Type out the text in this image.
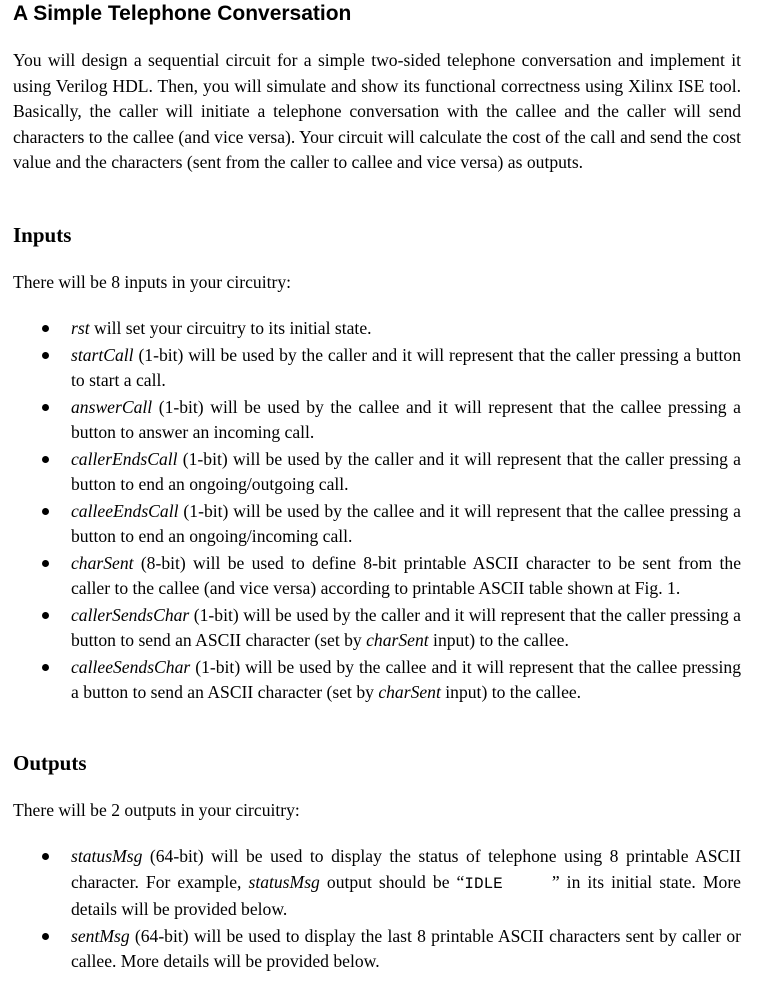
A Simple Telephone Conversation

You will design a sequential circuit for a simple two-sided telephone conversation and implement it using Verilog HDL. Then, you will simulate and show its functional correctness using Xilinx ISE tool. Basically, the caller will initiate a telephone conversation with the callee and the caller will send characters to the callee (and vice versa). Your circuit will calculate the cost of the call and send the cost value and the characters (sent from the caller to callee and vice versa) as outputs.

Inputs

There will be 8 inputs in your circuitry:

rst will set your circuitry to its initial state.
startCall (1-bit) will be used by the caller and it will represent that the caller pressing a button to start a call.
answerCall (1-bit) will be used by the callee and it will represent that the callee pressing a button to answer an incoming call.
callerEndsCall (1-bit) will be used by the caller and it will represent that the caller pressing a button to end an ongoing/outgoing call.
calleeEndsCall (1-bit) will be used by the callee and it will represent that the callee pressing a button to end an ongoing/incoming call.
charSent (8-bit) will be used to define 8-bit printable ASCII character to be sent from the caller to the callee (and vice versa) according to printable ASCII table shown at Fig. 1.
callerSendsChar (1-bit) will be used by the caller and it will represent that the caller pressing a button to send an ASCII character (set by charSent input) to the callee.
calleeSendsChar (1-bit) will be used by the callee and it will represent that the callee pressing a button to send an ASCII character (set by charSent input) to the callee.
Outputs

There will be 2 outputs in your circuitry:

statusMsg (64-bit) will be used to display the status of telephone using 8 printable ASCII character. For example, statusMsg output should be “IDLE    ” in its initial state. More details will be provided below.
sentMsg (64-bit) will be used to display the last 8 printable ASCII characters sent by caller or callee. More details will be provided below.
